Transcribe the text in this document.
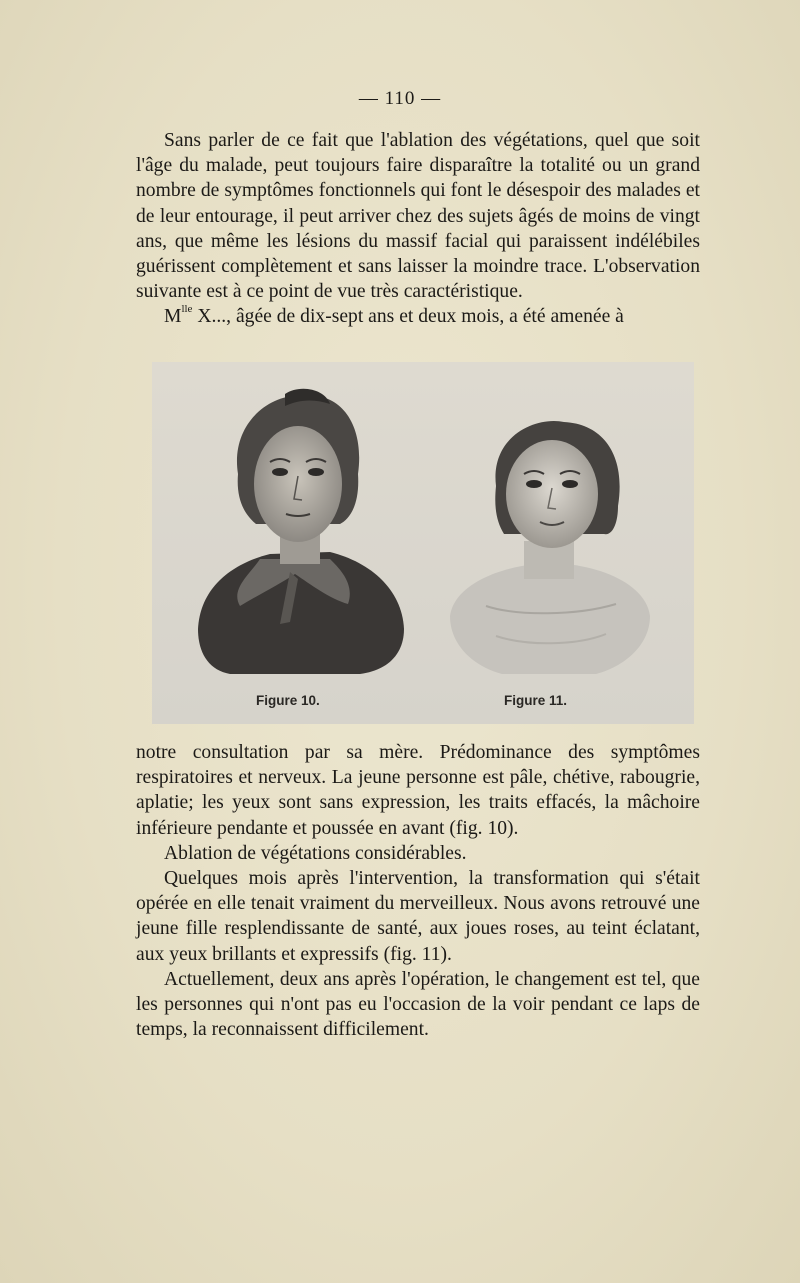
— 110 —

Sans parler de ce fait que l'ablation des végétations, quel que soit l'âge du malade, peut toujours faire disparaître la totalité ou un grand nombre de symptômes fonctionnels qui font le désespoir des malades et de leur entourage, il peut arriver chez des sujets âgés de moins de vingt ans, que même les lésions du massif facial qui paraissent indélébiles guérissent complètement et sans laisser la moindre trace. L'observation suivante est à ce point de vue très caractéristique.

$M^{lle}$ X..., âgée de dix-sept ans et deux mois, a été amenée à

Figure 10.	Figure 11.

notre consultation par sa mère. Prédominance des symptômes respiratoires et nerveux. La jeune personne est pâle, chétive, rabougrie, aplatie; les yeux sont sans expression, les traits effacés, la mâchoire inférieure pendante et poussée en avant (fig. 10).

Ablation de végétations considérables.

Quelques mois après l'intervention, la transformation qui s'était opérée en elle tenait vraiment du merveilleux. Nous avons retrouvé une jeune fille resplendissante de santé, aux joues roses, au teint éclatant, aux yeux brillants et expressifs (fig. 11).

Actuellement, deux ans après l'opération, le changement est tel, que les personnes qui n'ont pas eu l'occasion de la voir pendant ce laps de temps, la reconnaissent difficilement.
